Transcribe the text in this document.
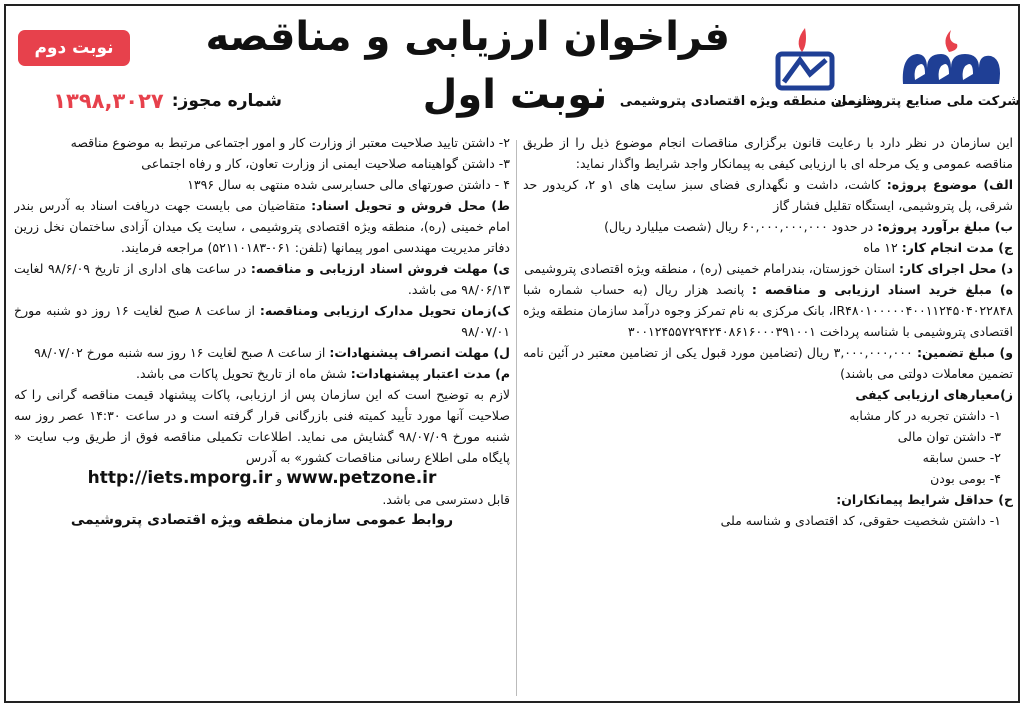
نوبت دوم
شماره مجوز:
۱۳۹۸,۳۰۲۷
فراخوان ارزیابی و مناقصه
نوبت اول	شرکت ملی صنایع پتروشیمی
سازمان منطقه ویژه اقتصادی پتروشیمی

این سازمان در نظر دارد با رعایت قانون برگزاری مناقصات انجام موضوع ذیل را از طریق مناقصه عمومی و یک مرحله ای با ارزیابی کیفی به پیمانکار واجد شرایط واگذار نماید:

الف) موضوع پروژه: کاشت، داشت و نگهداری فضای سبز سایت های ۱و ۲، کریدور حد شرقی، پل پتروشیمی، ایستگاه تقلیل فشار گاز

ب) مبلغ برآورد پروژه: در حدود ۶۰,۰۰۰,۰۰۰,۰۰۰ ریال (شصت میلیارد ریال)

ج) مدت انجام کار: ۱۲ ماه

د) محل اجرای کار: استان خوزستان، بندرامام خمینی (ره) ، منطقه ویژه اقتصادی پتروشیمی

ه) مبلغ خرید اسناد ارزیابی و مناقصه : پانصد هزار ریال (به حساب شماره شبا IR۴۸۰۱۰۰۰۰۰۴۰۰۱۱۲۴۵۰۴۰۲۲۸۴۸، بانک مرکزی به نام تمرکز وجوه درآمد سازمان منطقه ویژه اقتصادی پتروشیمی با شناسه پرداخت ۳۰۰۱۲۴۵۵۷۲۹۴۲۴۰۸۶۱۶۰۰۰۳۹۱۰۰۱

و) مبلغ تضمین: ۳,۰۰۰,۰۰۰,۰۰۰ ریال (تضامین مورد قبول یکی از تضامین معتبر در آئین نامه تضمین معاملات دولتی می باشند)

ز)معیارهای ارزیابی کیفی

۱- داشتن تجربه در کار مشابه

۳- داشتن توان مالی

۲- حسن سابقه

۴- بومی بودن

ح) حداقل شرایط پیمانکاران:

۱- داشتن شخصیت حقوقی، کد اقتصادی و شناسه ملی

۲- داشتن تایید صلاحیت معتبر از وزارت کار و امور اجتماعی مرتبط به موضوع مناقصه

۳- داشتن گواهینامه صلاحیت ایمنی از وزارت تعاون، کار و رفاه اجتماعی

۴ - داشتن صورتهای مالی حسابرسی شده منتهی به سال ۱۳۹۶

ط) محل فروش و تحویل اسناد: متقاضیان می بایست جهت دریافت اسناد به آدرس بندر امام خمینی (ره)، منطقه ویژه اقتصادی پتروشیمی ، سایت یک میدان آزادی ساختمان نخل زرین دفاتر مدیریت مهندسی امور پیمانها (تلفن: ۰۶۱-۵۲۱۱۰۱۸۳) مراجعه فرمایند.

ی) مهلت فروش اسناد ارزیابی و مناقصه: در ساعت های اداری از تاریخ ۹۸/۶/۰۹ لغایت ۹۸/۰۶/۱۳ می باشد.

ک)زمان تحویل مدارک ارزیابی ومناقصه: از ساعت ۸ صبح لغایت ۱۶ روز دو شنبه مورخ ۹۸/۰۷/۰۱

ل) مهلت انصراف پیشنهادات: از ساعت ۸ صبح لغایت ۱۶ روز سه شنبه مورخ ۹۸/۰۷/۰۲

م) مدت اعتبار پیشنهادات: شش ماه از تاریخ تحویل پاکات می باشد.

لازم به توضیح است که این سازمان پس از ارزیابی، پاکات پیشنهاد قیمت مناقصه گرانی را که صلاحیت آنها مورد تأیید کمیته فنی بازرگانی قرار گرفته است و در ساعت ۱۴:۳۰ عصر روز سه شنبه مورخ ۹۸/۰۷/۰۹ گشایش می نماید. اطلاعات تکمیلی مناقصه فوق از طریق وب سایت « پایگاه ملی اطلاع رسانی مناقصات کشور» به آدرس

www.petzone.ir و http://iets.mporg.ir

قابل دسترسی می باشد.

روابط عمومی سازمان منطقه ویژه اقتصادی پتروشیمی
